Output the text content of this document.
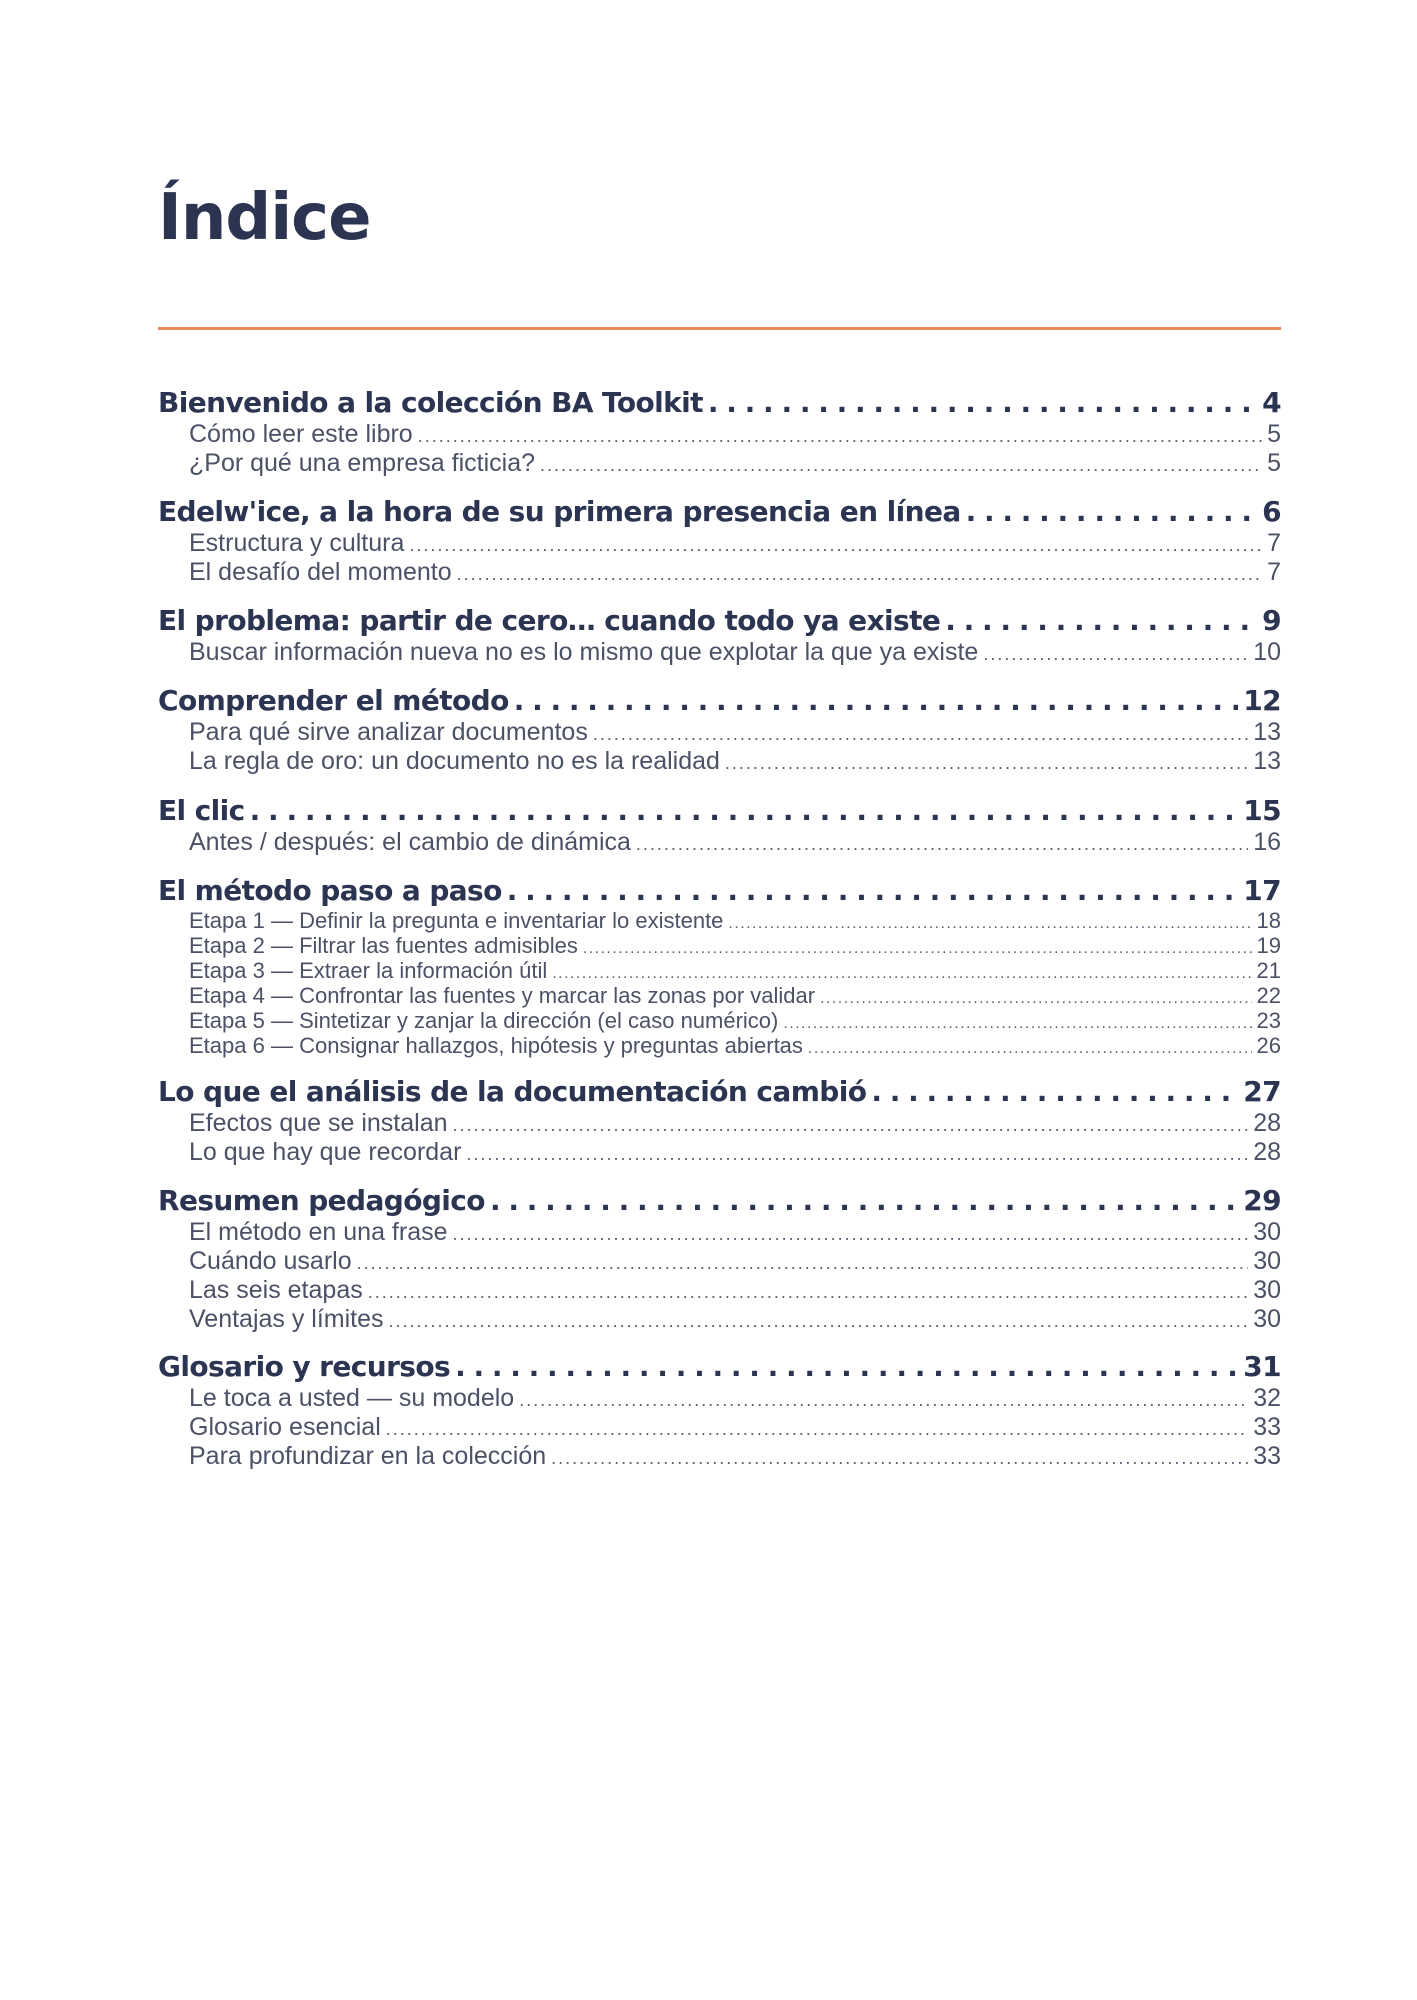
Índice
Bienvenido a la colección BA Toolkit . . .	4
Cómo leer este libro . . .	5
¿Por qué una empresa ficticia? . . .	5
Edelw'ice, a la hora de su primera presencia en línea . . .	6
Estructura y cultura . . .	7
El desafío del momento . . .	7
El problema: partir de cero… cuando todo ya existe . . .	9
Buscar información nueva no es lo mismo que explotar la que ya existe . . .	10
Comprender el método . . .	12
Para qué sirve analizar documentos . . .	13
La regla de oro: un documento no es la realidad . . .	13
El clic . . .	15
Antes / después: el cambio de dinámica . . .	16
El método paso a paso . . .	17
Etapa 1 — Definir la pregunta e inventariar lo existente . . .	18
Etapa 2 — Filtrar las fuentes admisibles . . .	19
Etapa 3 — Extraer la información útil . . .	21
Etapa 4 — Confrontar las fuentes y marcar las zonas por validar . . .	22
Etapa 5 — Sintetizar y zanjar la dirección (el caso numérico) . . .	23
Etapa 6 — Consignar hallazgos, hipótesis y preguntas abiertas . . .	26
Lo que el análisis de la documentación cambió . . .	27
Efectos que se instalan . . .	28
Lo que hay que recordar . . .	28
Resumen pedagógico . . .	29
El método en una frase . . .	30
Cuándo usarlo . . .	30
Las seis etapas . . .	30
Ventajas y límites . . .	30
Glosario y recursos . . .	31
Le toca a usted — su modelo . . .	32
Glosario esencial . . .	33
Para profundizar en la colección . . .	33
